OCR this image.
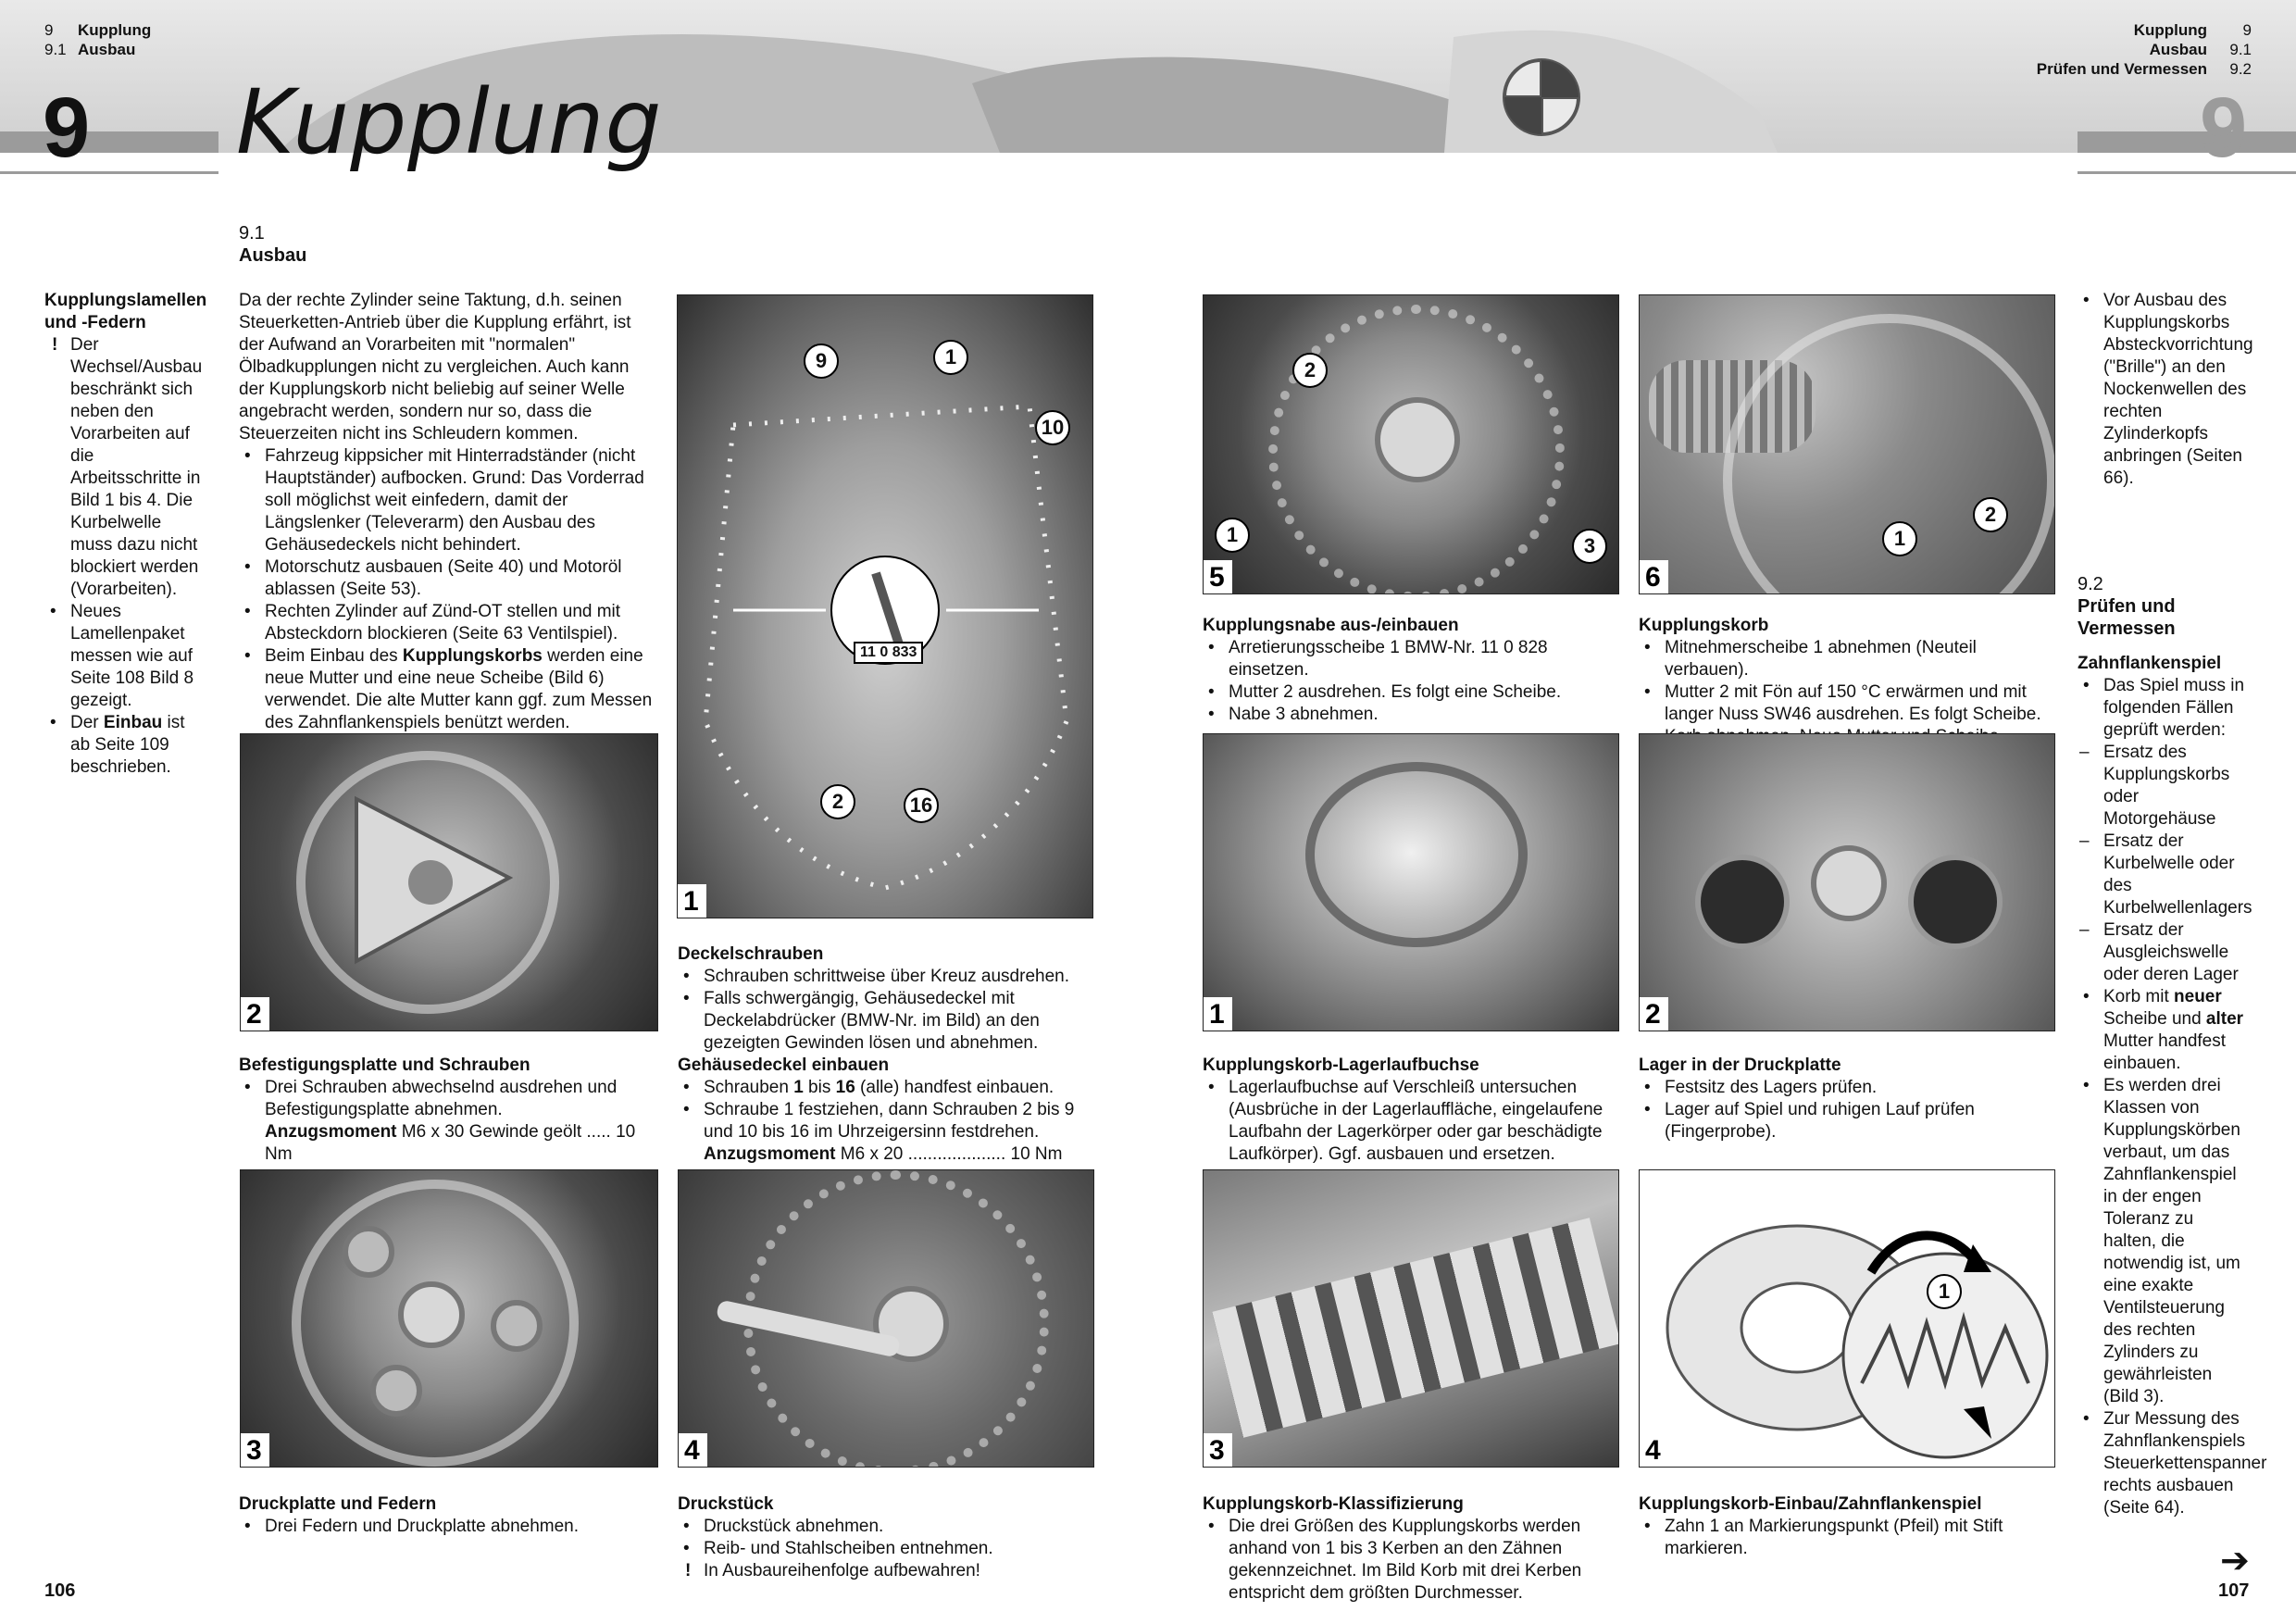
9 Kupplung
9.1 Ausbau
Kupplung 9
Ausbau 9.1
Prüfen und Vermessen 9.2
9	9
Kupplung
9.1
Ausbau
Kupplungslamellen
und -Federn
! Der Wechsel/Ausbau beschränkt sich neben den Vorarbeiten auf die Arbeitsschritte in Bild 1 bis 4. Die Kurbelwelle muss dazu nicht blockiert werden (Vorarbeiten).
• Neues Lamellenpaket messen wie auf Seite 108 Bild 8 gezeigt.
• Der Einbau ist ab Seite 109 beschrieben.

Da der rechte Zylinder seine Taktung, d.h. seinen Steuerketten-Antrieb über die Kupplung erfährt, ist der Aufwand an Vorarbeiten mit "normalen" Ölbadkupplungen nicht zu vergleichen. Auch kann der Kupplungskorb nicht beliebig auf seiner Welle angebracht werden, sondern nur so, dass die Steuerzeiten nicht ins Schleudern kommen.

• Fahrzeug kippsicher mit Hinterradständer (nicht Hauptständer) aufbocken. Grund: Das Vorderrad soll möglichst weit einfedern, damit der Längslenker (Televerarm) den Ausbau des Gehäusedeckels nicht behindert.
• Motorschutz ausbauen (Seite 40) und Motoröl ablassen (Seite 53).
• Rechten Zylinder auf Zünd-OT stellen und mit Absteckdorn blockieren (Seite 63 Ventilspiel).
• Beim Einbau des Kupplungskorbs werden eine neue Mutter und eine neue Scheibe (Bild 6) verwendet. Die alte Mutter kann ggf. zum Messen des Zahnflankenspiels benützt werden.
11 0 833
9	1
10
2	16
1
2
Befestigungsplatte und Schrauben
• Drei Schrauben abwechselnd ausdrehen und Befestigungsplatte abnehmen.
Anzugsmoment M6 x 30 Gewinde geölt ..... 10 Nm
Deckelschrauben
• Schrauben schrittweise über Kreuz ausdrehen.
• Falls schwergängig, Gehäusedeckel mit Deckelabdrücker (BMW-Nr. im Bild) an den gezeigten Gewinden lösen und abnehmen.
Gehäusedeckel einbauen
• Schrauben 1 bis 16 (alle) handfest einbauen.
• Schraube 1 festziehen, dann Schrauben 2 bis 9 und 10 bis 16 im Uhrzeigersinn festdrehen.
Anzugsmoment M6 x 20 .................... 10 Nm
3	4
Druckplatte und Federn
• Drei Federn und Druckplatte abnehmen.
Druckstück
• Druckstück abnehmen.
• Reib- und Stahlscheiben entnehmen.
! In Ausbaureihenfolge aufbewahren!
106
2
1	3
5
1
2
6
Kupplungsnabe aus-/einbauen
• Arretierungsscheibe 1 BMW-Nr. 11 0 828 einsetzen.
• Mutter 2 ausdrehen. Es folgt eine Scheibe.
• Nabe 3 abnehmen.
Kupplungskorb
• Mitnehmerscheibe 1 abnehmen (Neuteil verbauen).
• Mutter 2 mit Fön auf 150 °C erwärmen und mit langer Nuss SW46 ausdrehen. Es folgt Scheibe.
1	2
Kupplungskorb-Lagerlaufbuchse
• Lagerlaufbuchse auf Verschleiß untersuchen (Ausbrüche in der Lagerlauffläche, eingelaufene Laufbahn der Lagerkörper oder gar beschädigte Laufkörper). Ggf. ausbauen und ersetzen.
Lager in der Druckplatte
• Festsitz des Lagers prüfen.
• Lager auf Spiel und ruhigen Lauf prüfen (Fingerprobe).
3
1
4
Kupplungskorb-Klassifizierung
• Die drei Größen des Kupplungskorbs werden anhand von 1 bis 3 Kerben an den Zähnen gekennzeichnet. Im Bild Korb mit drei Kerben entspricht dem größten Durchmesser.
Kupplungskorb-Einbau/Zahnflankenspiel
• Zahn 1 an Markierungspunkt (Pfeil) mit Stift markieren.
• Vor Ausbau des Kupplungskorbs Absteckvorrichtung ("Brille") an den Nockenwellen des rechten Zylinderkopfs anbringen (Seiten 66).
9.2
Prüfen und
Vermessen
Zahnflankenspiel
• Das Spiel muss in folgenden Fällen geprüft werden:
– Ersatz des Kupplungskorbs oder Motorgehäuse
– Ersatz der Kurbelwelle oder des Kurbelwellenlagers
– Ersatz der Ausgleichswelle oder deren Lager
• Korb mit neuer Scheibe und alter Mutter handfest einbauen.
• Es werden drei Klassen von Kupplungskörben verbaut, um das Zahnflankenspiel in der engen Toleranz zu halten, die notwendig ist, um eine exakte Ventilsteuerung des rechten Zylinders zu gewährleisten (Bild 3).
• Zur Messung des Zahnflankenspiels Steuerkettenspanner rechts ausbauen (Seite 64).
➔
107
